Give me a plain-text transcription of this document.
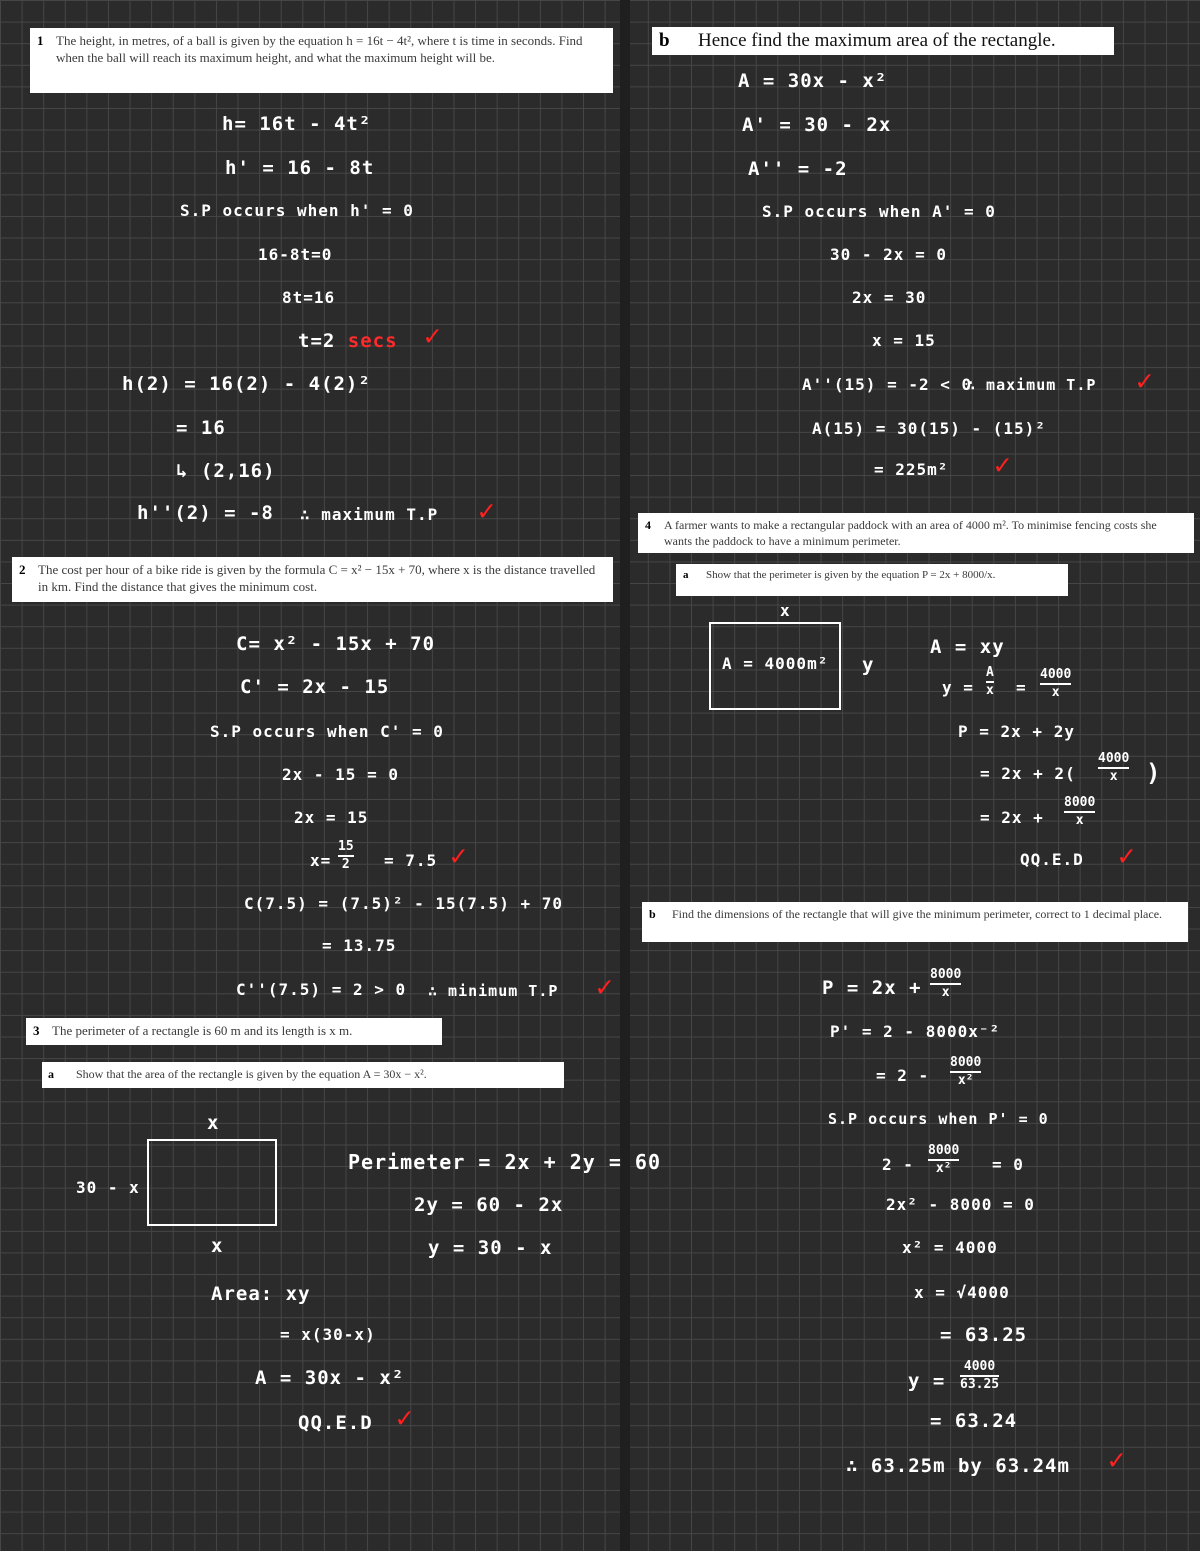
1 The height, in metres, of a ball is given by the equation h = 16t − 4t², where t is time in seconds. Find when the ball will reach its maximum height, and what the maximum height will be.
h= 16t - 4t²
h' = 16 - 8t
S.P occurs when h' = 0
16-8t=0
8t=16
t=2 secs ✓
h(2) = 16(2) - 4(2)²
= 16
↳ (2,16)
h''(2) = -8 ∴ maximum T.P ✓
2 The cost per hour of a bike ride is given by the formula C = x² − 15x + 70, where x is the distance travelled in km. Find the distance that gives the minimum cost.
C= x² - 15x + 70
C' = 2x - 15
S.P occurs when C' = 0
2x - 15 = 0
2x = 15
x=
15
2 = 7.5 ✓
C(7.5) = (7.5)² - 15(7.5) + 70
= 13.75
C''(7.5) = 2 > 0 ∴ minimum T.P ✓
3 The perimeter of a rectangle is 60 m and its length is x m.
a Show that the area of the rectangle is given by the equation A = 30x − x².
x
30 - x
x
Perimeter = 2x + 2y = 60
2y = 60 - 2x
y = 30 - x
Area: xy
= x(30-x)
A = 30x - x²
QQ.E.D ✓
b Hence find the maximum area of the rectangle.
A = 30x - x²
A' = 30 - 2x
A'' = -2
S.P occurs when A' = 0
30 - 2x = 0
2x = 30
x = 15
A''(15) = -2 < 0
∴ maximum T.P ✓
A(15) = 30(15) - (15)²
= 225m² ✓
4 A farmer wants to make a rectangular paddock with an area of 4000 m². To minimise fencing costs she wants the paddock to have a minimum perimeter.
a Show that the perimeter is given by the equation P = 2x + 8000/x.
x
A = 4000m² y
A = xy
y =
A
x =
4000
x
P = 2x + 2y
= 2x + 2(
4000
x )
= 2x +
8000
x
QQ.E.D ✓
b Find the dimensions of the rectangle that will give the minimum perimeter, correct to 1 decimal place.
P = 2x +
8000
x
P' = 2 - 8000x⁻²
= 2 -
8000
x²
S.P occurs when P' = 0
2 -
8000
x²	= 0
2x² - 8000 = 0
x² = 4000
x = √4000
= 63.25
y =
4000
63.25
= 63.24
∴ 63.25m by 63.24m ✓
